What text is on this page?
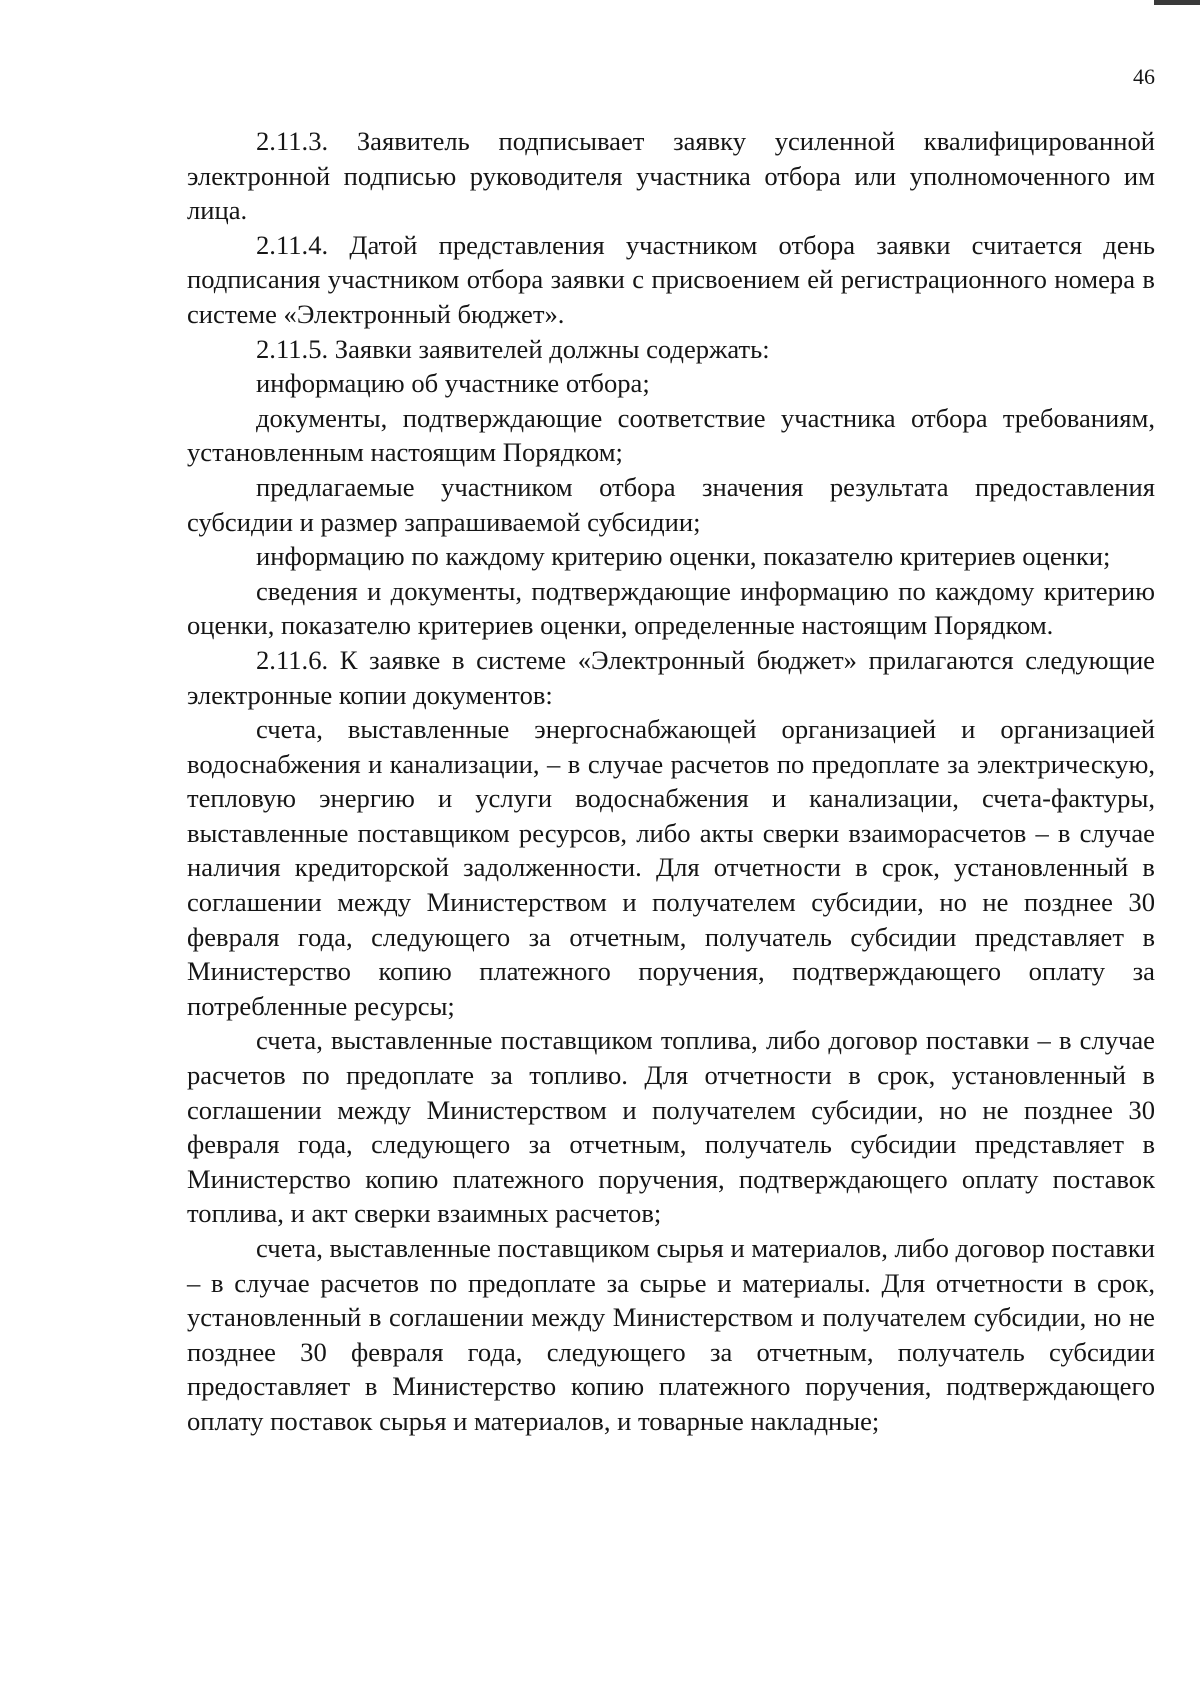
46

2.11.3. Заявитель подписывает заявку усиленной квалифицированной электронной подписью руководителя участника отбора или уполномоченного им лица.

2.11.4. Датой представления участником отбора заявки считается день подписания участником отбора заявки с присвоением ей регистрационного номера в системе «Электронный бюджет».

2.11.5. Заявки заявителей должны содержать:

информацию об участнике отбора;

документы, подтверждающие соответствие участника отбора требованиям, установленным настоящим Порядком;

предлагаемые участником отбора значения результата предоставления субсидии и размер запрашиваемой субсидии;

информацию по каждому критерию оценки, показателю критериев оценки;

сведения и документы, подтверждающие информацию по каждому критерию оценки, показателю критериев оценки, определенные настоящим Порядком.

2.11.6. К заявке в системе «Электронный бюджет» прилагаются следующие электронные копии документов:

счета, выставленные энергоснабжающей организацией и организацией водоснабжения и канализации, – в случае расчетов по предоплате за электрическую, тепловую энергию и услуги водоснабжения и канализации, счета-фактуры, выставленные поставщиком ресурсов, либо акты сверки взаиморасчетов – в случае наличия кредиторской задолженности. Для отчетности в срок, установленный в соглашении между Министерством и получателем субсидии, но не позднее 30 февраля года, следующего за отчетным, получатель субсидии представляет в Министерство копию платежного поручения, подтверждающего оплату за потребленные ресурсы;

счета, выставленные поставщиком топлива, либо договор поставки – в случае расчетов по предоплате за топливо. Для отчетности в срок, установленный в соглашении между Министерством и получателем субсидии, но не позднее 30 февраля года, следующего за отчетным, получатель субсидии представляет в Министерство копию платежного поручения, подтверждающего оплату поставок топлива, и акт сверки взаимных расчетов;

счета, выставленные поставщиком сырья и материалов, либо договор поставки – в случае расчетов по предоплате за сырье и материалы. Для отчетности в срок, установленный в соглашении между Министерством и получателем субсидии, но не позднее 30 февраля года, следующего за отчетным, получатель субсидии предоставляет в Министерство копию платежного поручения, подтверждающего оплату поставок сырья и материалов, и товарные накладные;
